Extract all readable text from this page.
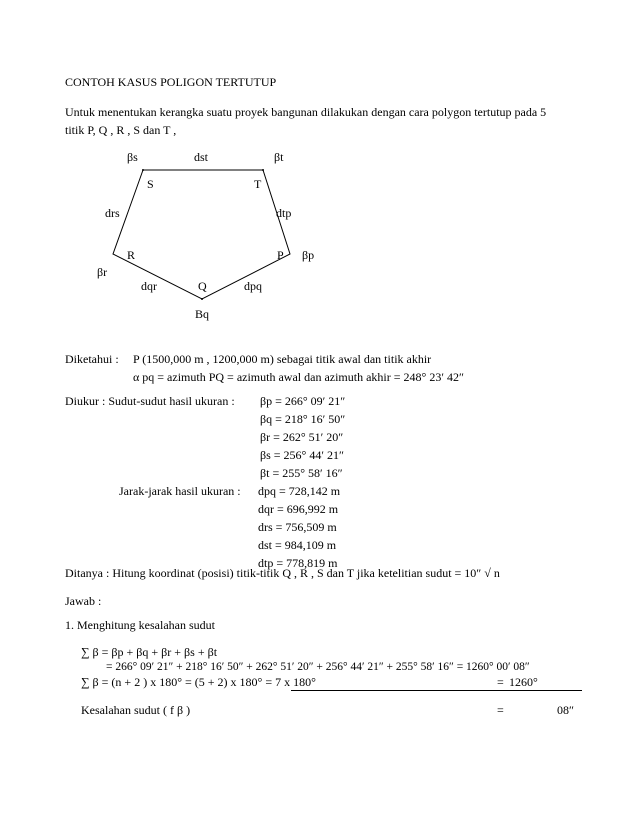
CONTOH KASUS POLIGON TERTUTUP
Untuk menentukan kerangka suatu proyek bangunan dilakukan dengan cara polygon tertutup pada 5
titik P, Q , R , S dan T ,
βs	dst	βt
S	T
drs	dtp
R	P βp
βr
dqr	Q	dpq
Bq
Diketahui : P (1500,000 m , 1200,000 m) sebagai titik awal dan titik akhir
α pq = azimuth PQ = azimuth awal dan azimuth akhir = 248° 23′ 42″
Diukur : Sudut-sudut hasil ukuran : βp = 266° 09′ 21″
βq = 218° 16′ 50″
βr = 262° 51′ 20″
βs = 256° 44′ 21″
βt = 255° 58′ 16″
Jarak-jarak hasil ukuran : dpq = 728,142 m
dqr = 696,992 m
drs = 756,509 m
dst = 984,109 m
dtp = 778,819 m
Ditanya : Hitung koordinat (posisi) titik-titik Q , R , S dan T jika ketelitian sudut = 10″ √ n
Jawab :
1. Menghitung kesalahan sudut
∑ β = βp + βq + βr + βs + βt
= 266° 09′ 21″ + 218° 16′ 50″ + 262° 51′ 20″ + 256° 44′ 21″ + 255° 58′ 16″ = 1260° 00′ 08″
∑ β = (n + 2 ) x 180° = (5 + 2) x 180° = 7 x 180°	= 1260°
Kesalahan sudut ( f β )	=	08″
